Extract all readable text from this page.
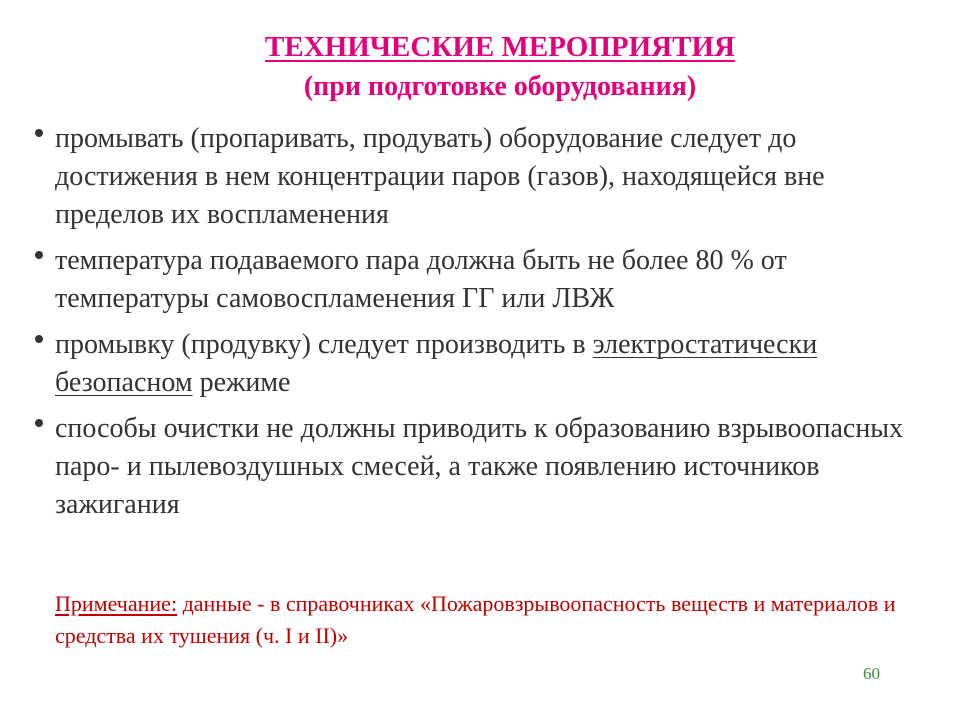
ТЕХНИЧЕСКИЕ МЕРОПРИЯТИЯ
(при подготовке оборудования)
промывать (пропаривать, продувать) оборудование следует до достижения в нем концентрации паров (газов), находящейся вне пределов их воспламенения
температура подаваемого пара должна быть не более 80 % от температуры самовоспламенения ГГ или ЛВЖ
промывку (продувку) следует производить в электростатически безопасном режиме
способы очистки не должны приводить к образованию взрывоопасных паро- и пылевоздушных смесей, а также появлению источников зажигания

Примечание: данные - в справочниках «Пожаровзрывоопасность веществ и материалов и средства их тушения (ч. I и II)»

60
